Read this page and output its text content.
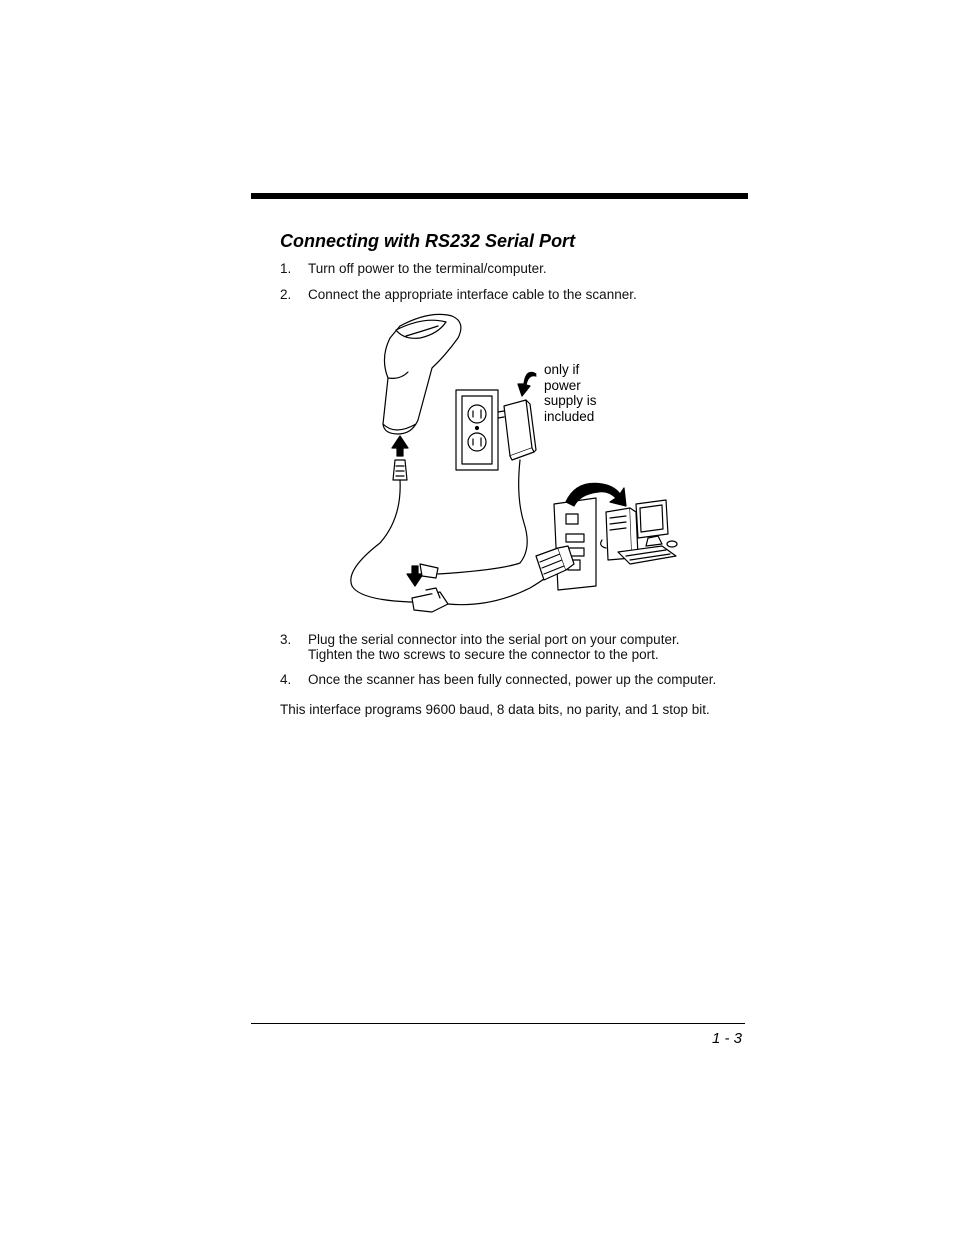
Connecting with RS232 Serial Port
1. Turn off power to the terminal/computer.
2. Connect the appropriate interface cable to the scanner.
only if
power
supply is
included
3. Plug the serial connector into the serial port on your computer.
Tighten the two screws to secure the connector to the port.
4. Once the scanner has been fully connected, power up the computer.
This interface programs 9600 baud, 8 data bits, no parity, and 1 stop bit.
1 - 3
